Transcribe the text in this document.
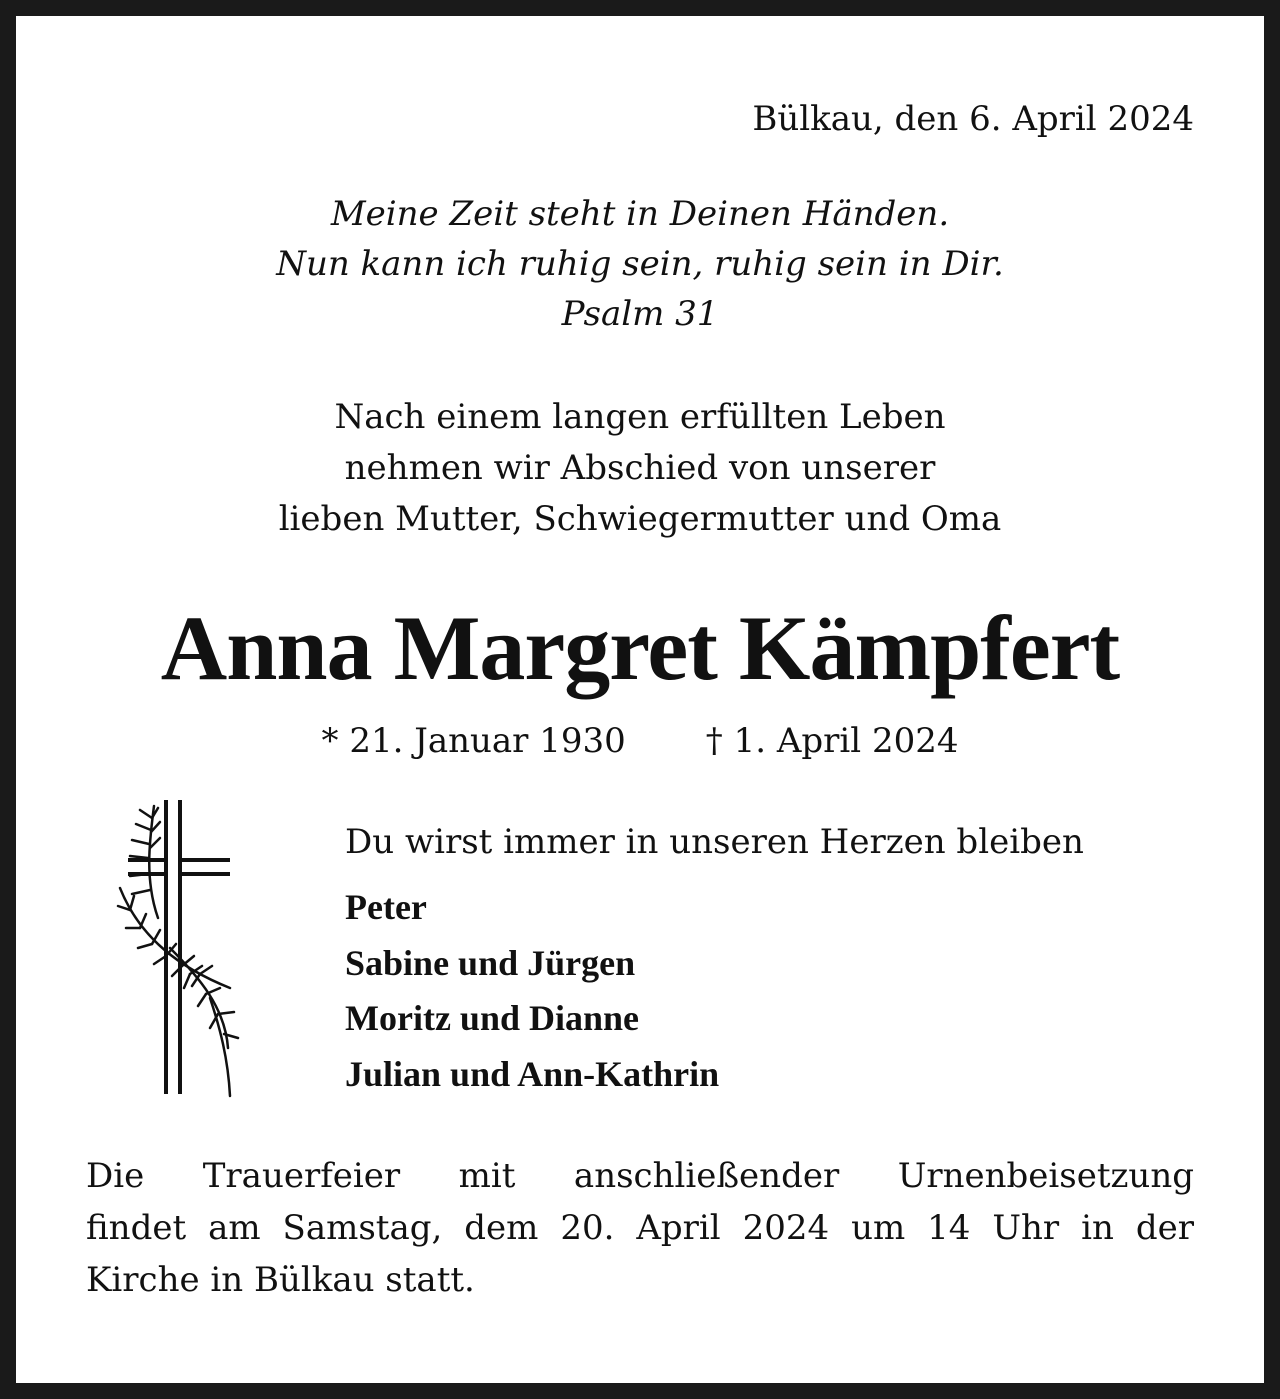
Bülkau, den 6. April 2024
Meine Zeit steht in Deinen Händen.
Nun kann ich ruhig sein, ruhig sein in Dir.
Psalm 31
Nach einem langen erfüllten Leben
nehmen wir Abschied von unserer
lieben Mutter, Schwiegermutter und Oma
Anna Margret Kämpfert
* 21. Januar 1930 † 1. April 2024
Du wirst immer in unseren Herzen bleiben
Peter
Sabine und Jürgen
Moritz und Dianne
Julian und Ann-Kathrin
Die Trauerfeier mit anschließender Urnenbeisetzung
findet am Samstag, dem 20. April 2024 um 14 Uhr in der
Kirche in Bülkau statt.
